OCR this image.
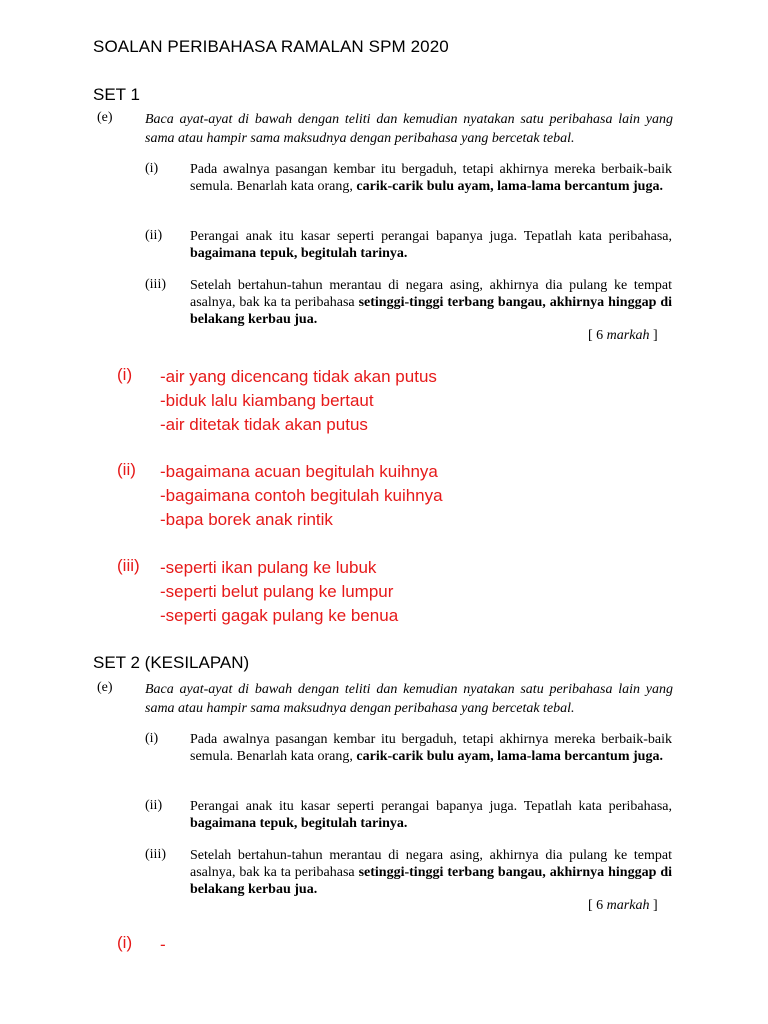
SOALAN PERIBAHASA RAMALAN SPM 2020
SET 1
(e) Baca ayat-ayat di bawah dengan teliti dan kemudian nyatakan satu peribahasa lain yang sama atau hampir sama maksudnya dengan peribahasa yang bercetak tebal.
(i) Pada awalnya pasangan kembar itu bergaduh, tetapi akhirnya mereka berbaik-baik semula. Benarlah kata orang, carik-carik bulu ayam, lama-lama bercantum juga.
(ii) Perangai anak itu kasar seperti perangai bapanya juga. Tepatlah kata peribahasa, bagaimana tepuk, begitulah tarinya.
(iii) Setelah bertahun-tahun merantau di negara asing, akhirnya dia pulang ke tempat asalnya, bak ka ta peribahasa setinggi-tinggi terbang bangau, akhirnya hinggap di belakang kerbau jua.
[ 6 markah ]
(i) -air yang dicencang tidak akan putus
-biduk lalu kiambang bertaut
-air ditetak tidak akan putus
(ii) -bagaimana acuan begitulah kuihnya
-bagaimana contoh begitulah kuihnya
-bapa borek anak rintik
(iii) -seperti ikan pulang ke lubuk
-seperti belut pulang ke lumpur
-seperti gagak pulang ke benua
SET 2 (KESILAPAN)
(e) Baca ayat-ayat di bawah dengan teliti dan kemudian nyatakan satu peribahasa lain yang sama atau hampir sama maksudnya dengan peribahasa yang bercetak tebal.
(i) Pada awalnya pasangan kembar itu bergaduh, tetapi akhirnya mereka berbaik-baik semula. Benarlah kata orang, carik-carik bulu ayam, lama-lama bercantum juga.
(ii) Perangai anak itu kasar seperti perangai bapanya juga. Tepatlah kata peribahasa, bagaimana tepuk, begitulah tarinya.
(iii) Setelah bertahun-tahun merantau di negara asing, akhirnya dia pulang ke tempat asalnya, bak ka ta peribahasa setinggi-tinggi terbang bangau, akhirnya hinggap di belakang kerbau jua.
[ 6 markah ]
(i) -
